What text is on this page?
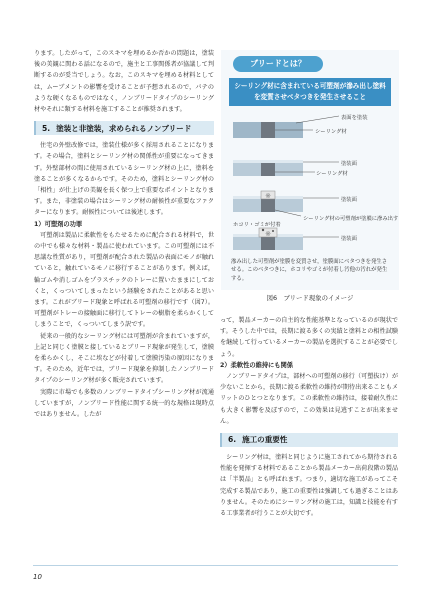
ります。したがって，このスキマを埋めるか否かの問題は，塗装後の美観に関わる話になるので，施主と工事関係者が協議して判断するのが妥当でしょう。なお，このスキマを埋める材料としては，ムーブメントの影響を受けることが予想されるので，パテのような硬くなるものではなく，ノンブリードタイプのシーリング材やそれに類する材料を施工することが推奨されます。

5. 塗装と非塗装，求められるノンブリード

住宅の外壁改修では，塗装仕様が多く採用されることになります。その場合，塗料とシーリング材の関係性が重要になってきます。外壁部材の間に使用されているシーリング材の上に，塗料を塗ることが多くなるからです。そのため，塗料とシーリング材の「相性」が仕上げの美観を長く保つ上で重要なポイントとなります。また，非塗装の場合はシーリング材の耐候性が重要なファクターになります。耐候性については後述します。

1）可塑剤の功罪

可塑剤は製品に柔軟性をもたせるために配合される材料で，世の中でも様々な材料・製品に使われています。この可塑剤には不思議な性質があり，可塑剤が配合された製品の表面にモノが触れていると，触れているモノに移行することがあります。例えば，輪ゴムや消しゴムをプラスチックのトレーに置いたままにしておくと，くっついてしまったという経験をされたことがあると思います。これがブリード現象と呼ばれる可塑剤の移行です（図7）。可塑剤がトレーの接触面に移行してトレーの樹脂を柔らかくしてしまうことで，くっついてしまう訳です。

従来の一般的なシーリング材には可塑剤が含まれていますが，上記と同じく塗膜と接しているとブリード現象が発生して，塗膜を柔らかくし，そこに埃などが付着して塗膜汚染の原因になります。そのため，近年では，ブリード現象を抑制したノンブリードタイプのシーリング材が多く販売されています。

実際に市場でも多数のノンブリードタイプシーリング材が流通していますが，ノンブリード性能に関する統一的な規格は現時点ではありません。したが

ブリードとは？
シーリング材に含まれている可塑剤が滲み出し塗料を変質させベタつきを発生させること
※
※
表面を塗装
シーリング材
塗装面
シーリング材
塗装面
シーリング材の可塑剤が塗膜に滲み出す
ホコリ・ゴミが付着
塗装面
滲み出した可塑剤が塗膜を変質させ，塗膜面にベタつきを発生させる。このベタつきに，ホコリやゴミが付着し汚他の汚れが発生する。
図6　ブリード現象のイメージ

って，製品メーカーの自主的な性能基準となっているのが現状です。そうした中では，長期に渡る多くの実績と塗料との相性試験を継続して行っているメーカーの製品を選択することが必要でしょう。

2）柔軟性の維持にも関係

ノンブリードタイプは，部材への可塑剤の移行（可塑抜け）が少ないことから，長期に渡る柔軟性の維持が期待出来ることもメリットのひとつとなります。この柔軟性の維持は，接着耐久性にも大きく影響を及ぼすので，この効果は見逃すことが出来ません。

6. 施工の重要性

シーリング材は，塗料と同じように施工されてから期待される性能を発揮する材料であることから製品メーカー出荷段階の製品は「半製品」とも呼ばれます。つまり，適切な施工があってこそ完成する製品であり，施工の重要性は強調しても過ぎることはありません。そのためにシーリング材の施工は，知識と技能を有する工事業者が行うことが大切です。

10
